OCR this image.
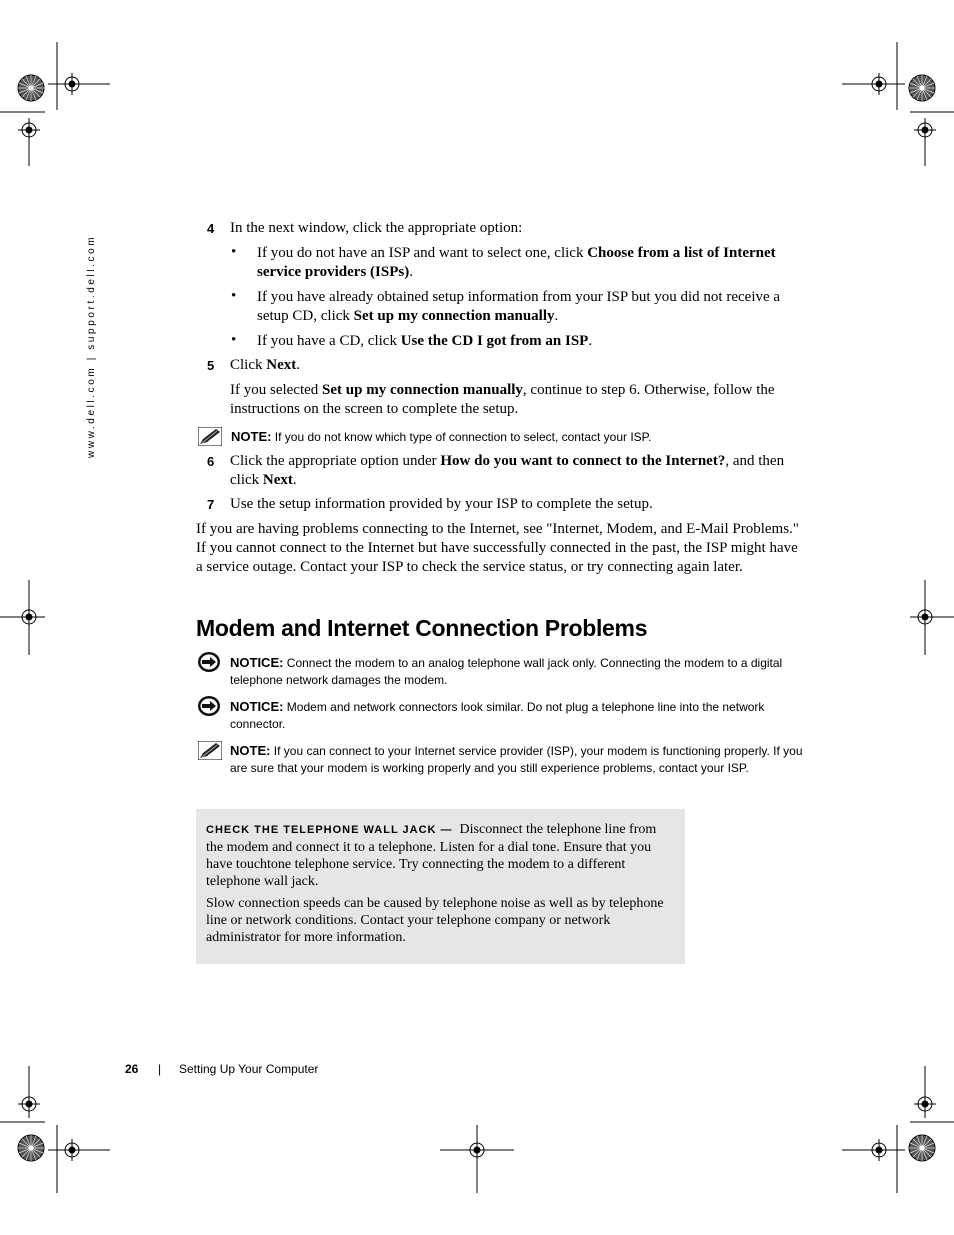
www.dell.com | support.dell.com
4 In the next window, click the appropriate option:
• If you do not have an ISP and want to select one, click Choose from a list of Internet service providers (ISPs).
• If you have already obtained setup information from your ISP but you did not receive a setup CD, click Set up my connection manually.
• If you have a CD, click Use the CD I got from an ISP.
5 Click Next.
If you selected Set up my connection manually, continue to step 6. Otherwise, follow the instructions on the screen to complete the setup.
NOTE: If you do not know which type of connection to select, contact your ISP.
6 Click the appropriate option under How do you want to connect to the Internet?, and then click Next.
7 Use the setup information provided by your ISP to complete the setup.
If you are having problems connecting to the Internet, see "Internet, Modem, and E-Mail Problems." If you cannot connect to the Internet but have successfully connected in the past, the ISP might have a service outage. Contact your ISP to check the service status, or try connecting again later.
Modem and Internet Connection Problems
NOTICE: Connect the modem to an analog telephone wall jack only. Connecting the modem to a digital telephone network damages the modem.
NOTICE: Modem and network connectors look similar. Do not plug a telephone line into the network connector.
NOTE: If you can connect to your Internet service provider (ISP), your modem is functioning properly. If you are sure that your modem is working properly and you still experience problems, contact your ISP.
CHECK THE TELEPHONE WALL JACK — Disconnect the telephone line from the modem and connect it to a telephone. Listen for a dial tone. Ensure that you have touchtone telephone service. Try connecting the modem to a different telephone wall jack.
Slow connection speeds can be caused by telephone noise as well as by telephone line or network conditions. Contact your telephone company or network administrator for more information.
26 | Setting Up Your Computer
